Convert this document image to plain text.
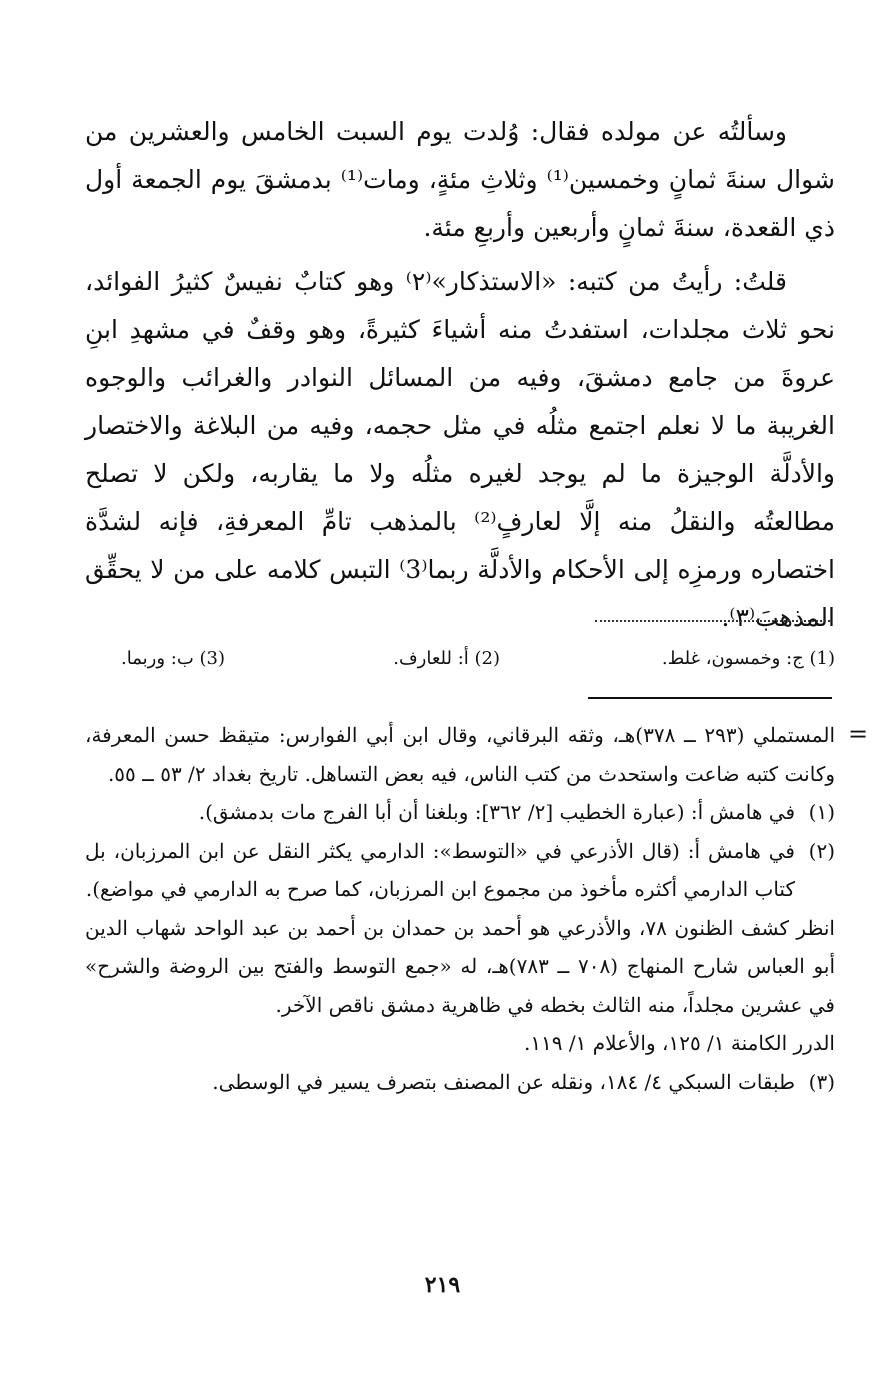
وسألتُه عن مولده فقال: وُلدت يوم السبت الخامس والعشرين من شوال سنةَ ثمانٍ وخمسين⁽¹⁾ وثلاثِ مئةٍ، ومات⁽¹⁾ بدمشقَ يوم الجمعة أول ذي القعدة، سنةَ ثمانٍ وأربعين وأربعِ مئة.

قلتُ: رأيتُ من كتبه: «الاستذكار»⁽٢⁾ وهو كتابٌ نفيسٌ كثيرُ الفوائد، نحو ثلاث مجلدات، استفدتُ منه أشياءَ كثيرةً، وهو وقفٌ في مشهدِ ابنِ عروةَ من جامع دمشقَ، وفيه من المسائل النوادر والغرائب والوجوه الغريبة ما لا نعلم اجتمع مثلُه في مثل حجمه، وفيه من البلاغة والاختصار والأدلَّة الوجيزة ما لم يوجد لغيره مثلُه ولا ما يقاربه، ولكن لا تصلح مطالعتُه والنقلُ منه إلَّا لعارفٍ⁽²⁾ بالمذهب تامِّ المعرفةِ، فإنه لشدَّة اختصاره ورمزِه إلى الأحكام والأدلَّة ربما⁽3⁾ التبس كلامه على من لا يحقِّق المذهبَ⁽٣⁾.

(1) ج: وخمسون، غلط.
(2) أ: للعارف.
(3) ب: وربما.
=

المستملي (٢٩٣ ــ ٣٧٨)هـ، وثقه البرقاني، وقال ابن أبي الفوارس: متيقظ حسن المعرفة، وكانت كتبه ضاعت واستحدث من كتب الناس، فيه بعض التساهل. تاريخ بغداد ٢/ ٥٣ ــ ٥٥.

(١)
في هامش أ: (عبارة الخطيب [٢/ ٣٦٢]: وبلغنا أن أبا الفرج مات بدمشق).

(٢)
في هامش أ: (قال الأذرعي في «التوسط»: الدارمي يكثر النقل عن ابن المرزبان، بل كتاب الدارمي أكثره مأخوذ من مجموع ابن المرزبان، كما صرح به الدارمي في مواضع).

انظر كشف الظنون ٧٨، والأذرعي هو أحمد بن حمدان بن أحمد بن عبد الواحد شهاب الدين أبو العباس شارح المنهاج (٧٠٨ ــ ٧٨٣)هـ، له «جمع التوسط والفتح بين الروضة والشرح» في عشرين مجلداً، منه الثالث بخطه في ظاهرية دمشق ناقص الآخر.

الدرر الكامنة ١/ ١٢٥، والأعلام ١/ ١١٩.

(٣)
طبقات السبكي ٤/ ١٨٤، ونقله عن المصنف بتصرف يسير في الوسطى.

٢١٩
